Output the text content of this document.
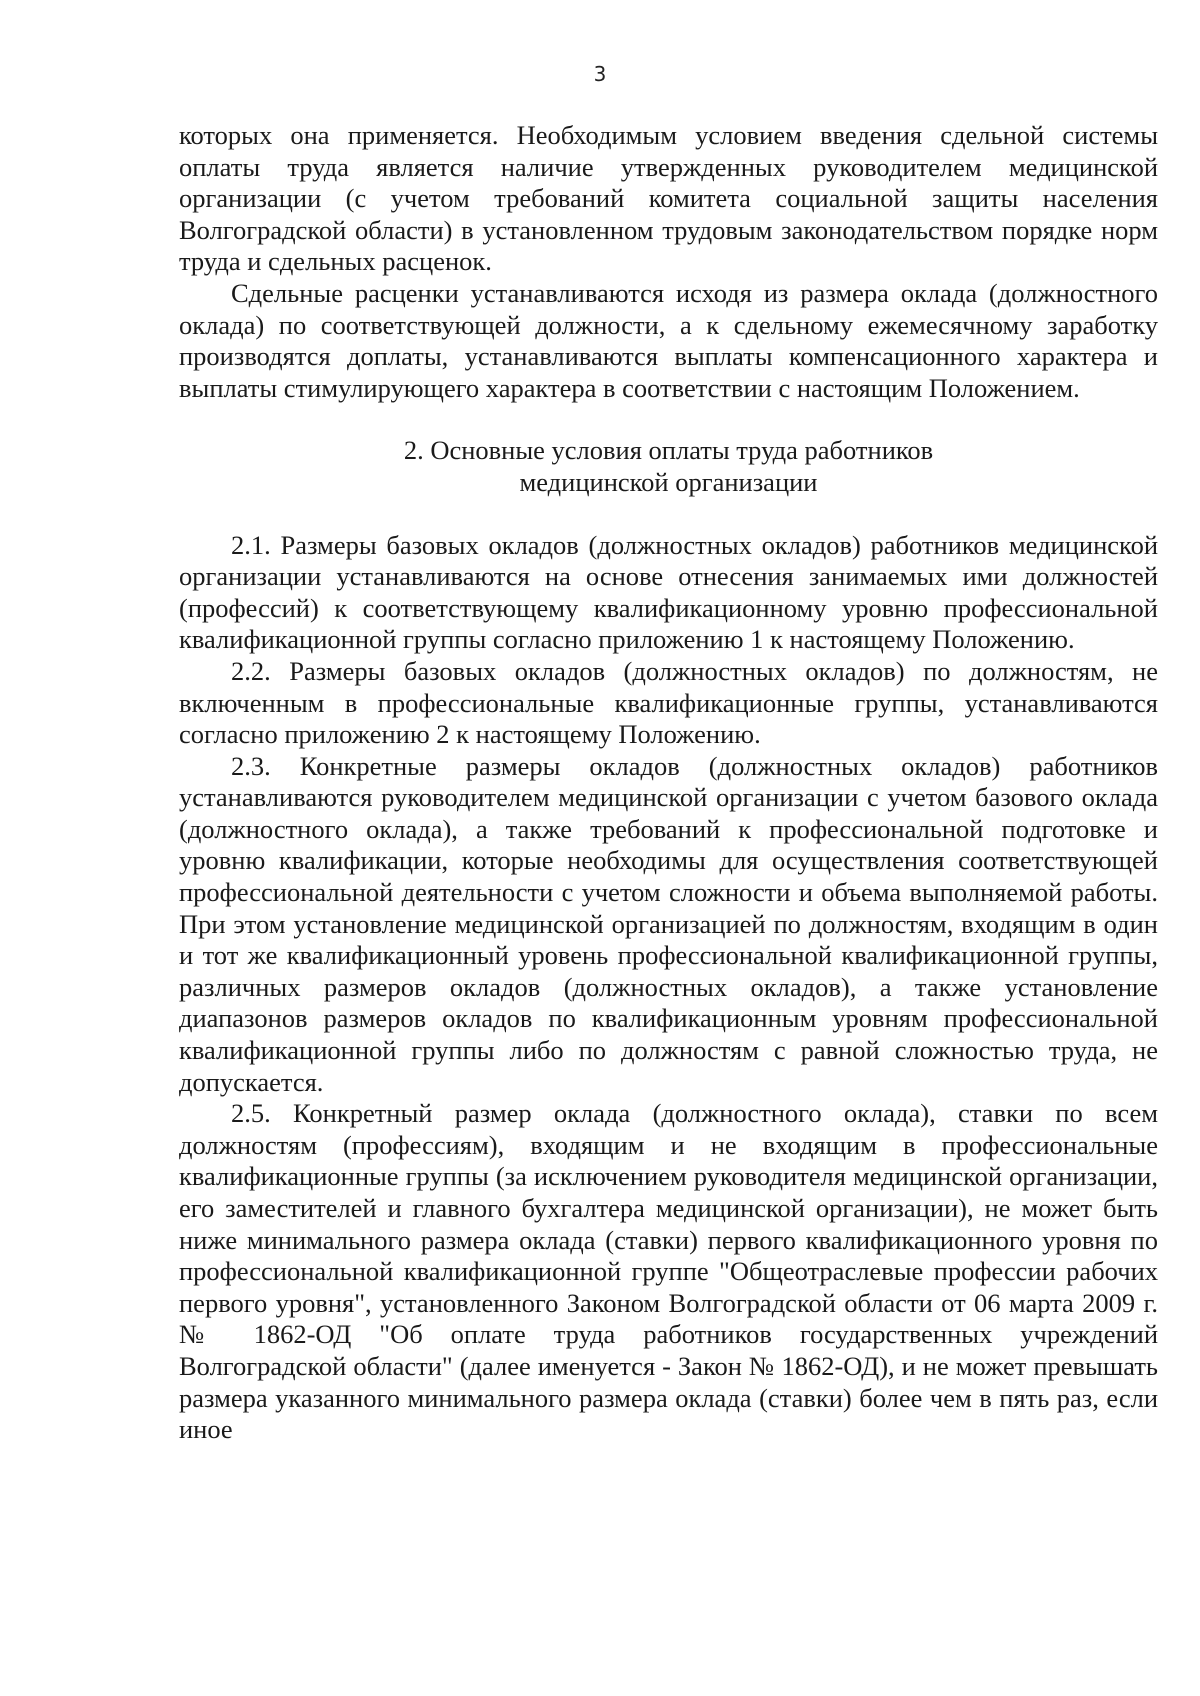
3

которых она применяется. Необходимым условием введения сдельной системы оплаты труда является наличие утвержденных руководителем медицинской организации (с учетом требований комитета социальной защиты населения Волгоградской области) в установленном трудовым законодательством порядке норм труда и сдельных расценок.

Сдельные расценки устанавливаются исходя из размера оклада (должностного оклада) по соответствующей должности, а к сдельному ежемесячному заработку производятся доплаты, устанавливаются выплаты компенсационного характера и выплаты стимулирующего характера в соответствии с настоящим Положением.

2. Основные условия оплаты труда работников
медицинской организации

2.1. Размеры базовых окладов (должностных окладов) работников медицинской организации устанавливаются на основе отнесения занимаемых ими должностей (профессий) к соответствующему квалификационному уровню профессиональной квалификационной группы согласно приложению 1 к настоящему Положению.

2.2. Размеры базовых окладов (должностных окладов) по должностям, не включенным в профессиональные квалификационные группы, устанавливаются согласно приложению 2 к настоящему Положению.

2.3. Конкретные размеры окладов (должностных окладов) работников устанавливаются руководителем медицинской организации с учетом базового оклада (должностного оклада), а также требований к профессиональной подготовке и уровню квалификации, которые необходимы для осуществления соответствующей профессиональной деятельности с учетом сложности и объема выполняемой работы. При этом установление медицинской организацией по должностям, входящим в один и тот же квалификационный уровень профессиональной квалификационной группы, различных размеров окладов (должностных окладов), а также установление диапазонов размеров окладов по квалификационным уровням профессиональной квалификационной группы либо по должностям с равной сложностью труда, не допускается.

2.5. Конкретный размер оклада (должностного оклада), ставки по всем должностям (профессиям), входящим и не входящим в профессиональные квалификационные группы (за исключением руководителя медицинской организации, его заместителей и главного бухгалтера медицинской организации), не может быть ниже минимального размера оклада (ставки) первого квалификационного уровня по профессиональной квалификационной группе "Общеотраслевые профессии рабочих первого уровня", установленного Законом Волгоградской области от 06 марта 2009 г. № 1862-ОД "Об оплате труда работников государственных учреждений Волгоградской области" (далее именуется - Закон № 1862-ОД), и не может превышать размера указанного минимального размера оклада (ставки) более чем в пять раз, если иное
